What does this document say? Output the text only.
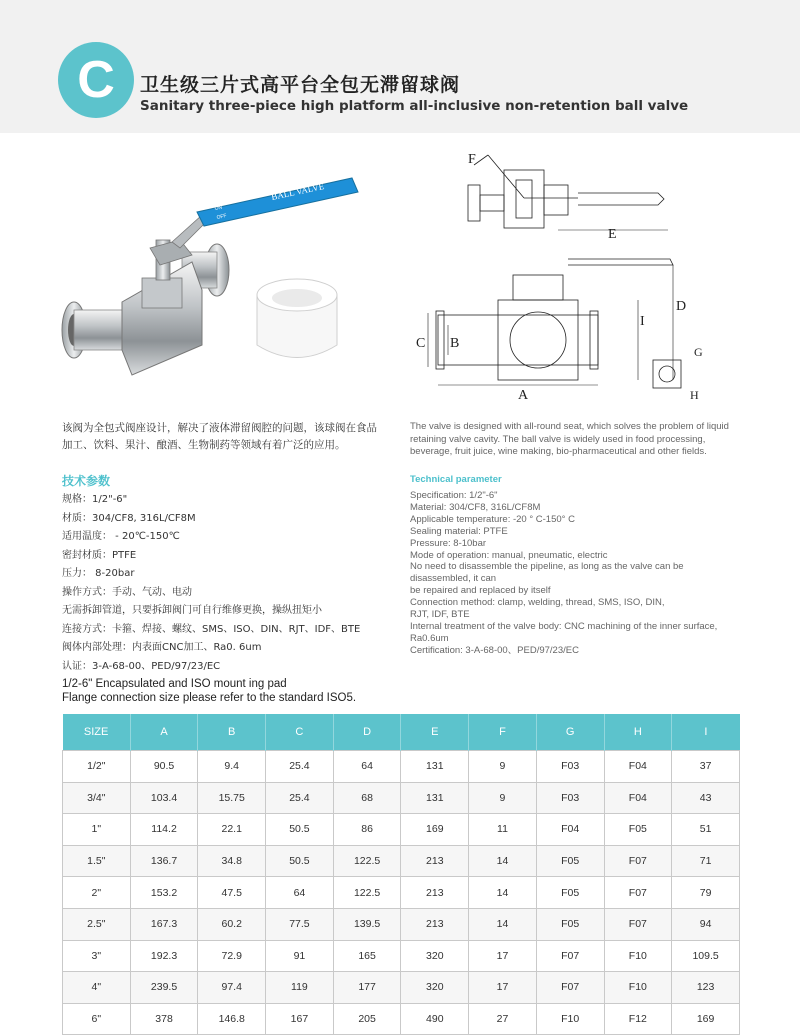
C 卫生级三片式高平台全包无滞留球阀
Sanitary three-piece high platform all-inclusive non-retention ball valve
BALL VALVE
ON
OFF
F
E
D
I
C B
A
G
H
该阀为全包式阀座设计，解决了液体滞留阀腔的问题，该球阀在食品加工、饮料、果汁、酿酒、生物制药等领域有着广泛的应用。
The valve is designed with all-round seat, which solves the problem of liquid retaining valve cavity. The ball valve is widely used in food processing, beverage, fruit juice, wine making, bio-pharmaceutical and other fields.
技术参数	Technical parameter
规格：1/2"-6"
材质：304/CF8, 316L/CF8M
适用温度： - 20℃-150℃
密封材质：PTFE
压力： 8-20bar
操作方式：手动、气动、电动
无需拆卸管道，只要拆卸阀门可自行维修更换，操纵扭矩小
连接方式：卡箍、焊接、螺纹、SMS、ISO、DIN、RJT、IDF、BTE
阀体内部处理：内表面CNC加工、Ra0. 6um
认证：3-A-68-00、PED/97/23/EC
Specification: 1/2"-6"
Material: 304/CF8, 316L/CF8M
Applicable temperature: -20 ° C-150° C
Sealing material: PTFE
Pressure: 8-10bar
Mode of operation: manual, pneumatic, electric
No need to disassemble the pipeline, as long as the valve can be
disassembled, it can
be repaired and replaced by itself
Connection method: clamp, welding, thread, SMS, ISO, DIN,
RJT, IDF, BTE
Internal treatment of the valve body: CNC machining of the inner surface,
Ra0.6um
Certification: 3-A-68-00、PED/97/23/EC
1/2-6" Encapsulated and ISO mount ing pad
Flange connection size please refer to the standard ISO5.
SIZE	A	B	C	D	E	F	G	H	I
1/2"	90.5	9.4	25.4	64	131	9	F03	F04	37
3/4"	103.4	15.75	25.4	68	131	9	F03	F04	43
1"	114.2	22.1	50.5	86	169	11	F04	F05	51
1.5"	136.7	34.8	50.5	122.5	213	14	F05	F07	71
2"	153.2	47.5	64	122.5	213	14	F05	F07	79
2.5"	167.3	60.2	77.5	139.5	213	14	F05	F07	94
3"	192.3	72.9	91	165	320	17	F07	F10	109.5
4"	239.5	97.4	119	177	320	17	F07	F10	123
6"	378	146.8	167	205	490	27	F10	F12	169
